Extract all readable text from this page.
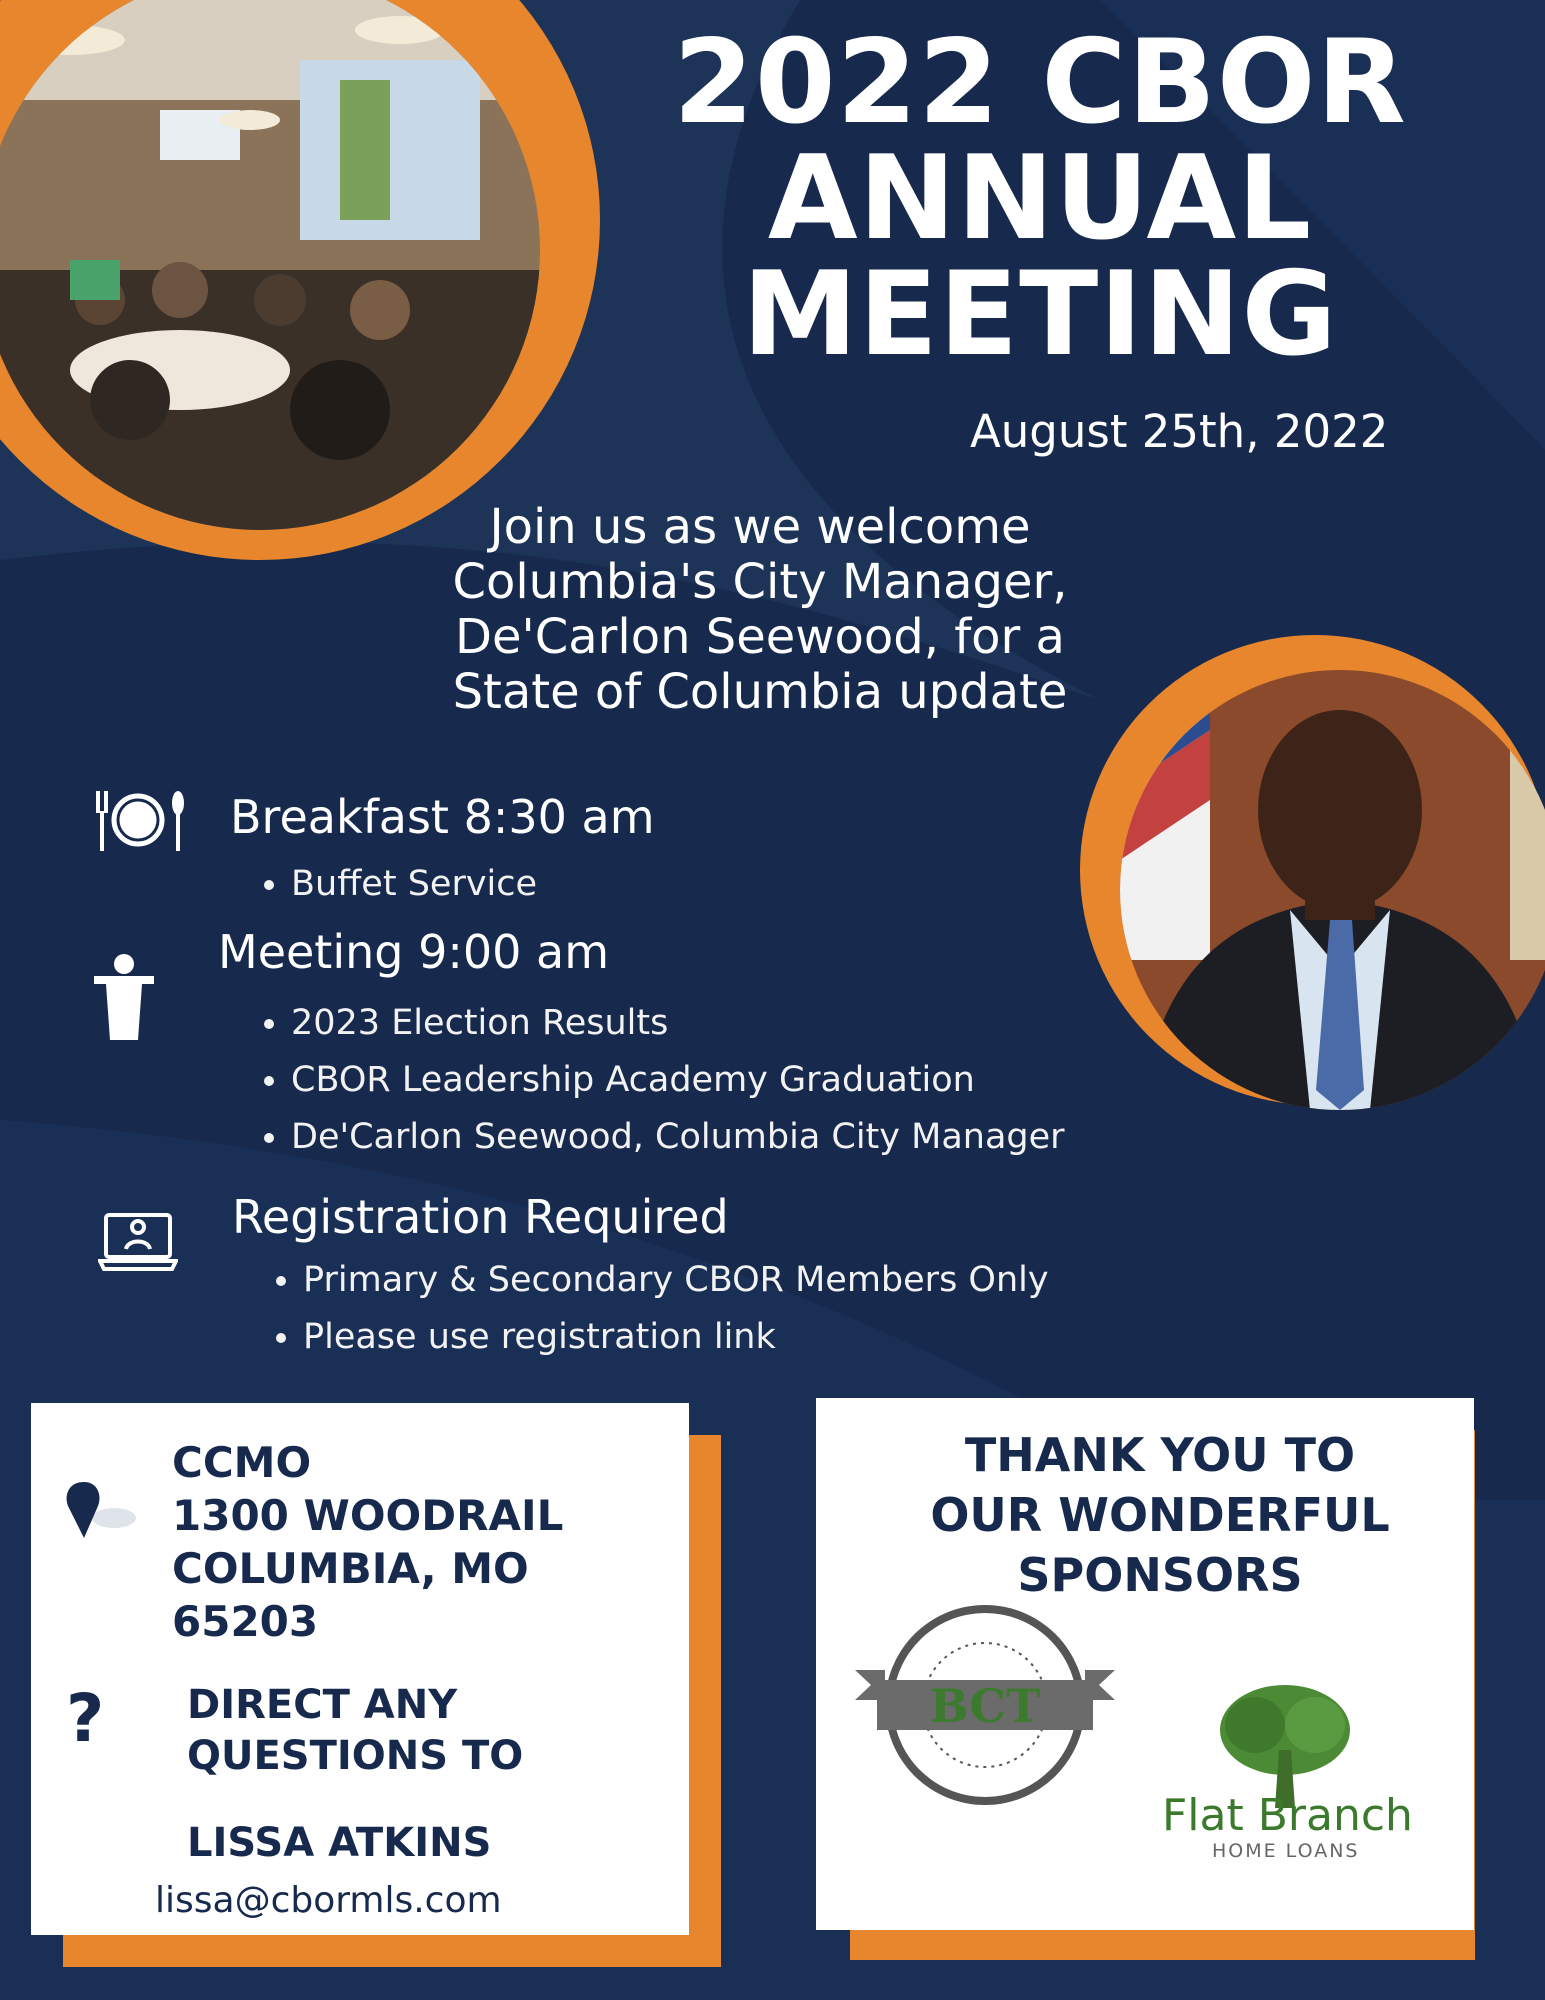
2022 CBOR
ANNUAL
MEETING
August 25th, 2022
Join us as we welcome Columbia's City Manager, De'Carlon Seewood, for a State of Columbia update
Breakfast 8:30 am
• Buffet Service
Meeting 9:00 am
• 2023 Election Results
• CBOR Leadership Academy Graduation
• De'Carlon Seewood, Columbia City Manager
Registration Required
• Primary & Secondary CBOR Members Only
• Please use registration link
CCMO
1300 WOODRAIL
COLUMBIA, MO
65203
? DIRECT ANY
QUESTIONS TO
LISSA ATKINS
lissa@cbormls.com
THANK YOU TO
OUR WONDERFUL
SPONSORS
BCT
Flat Branch
HOME LOANS
